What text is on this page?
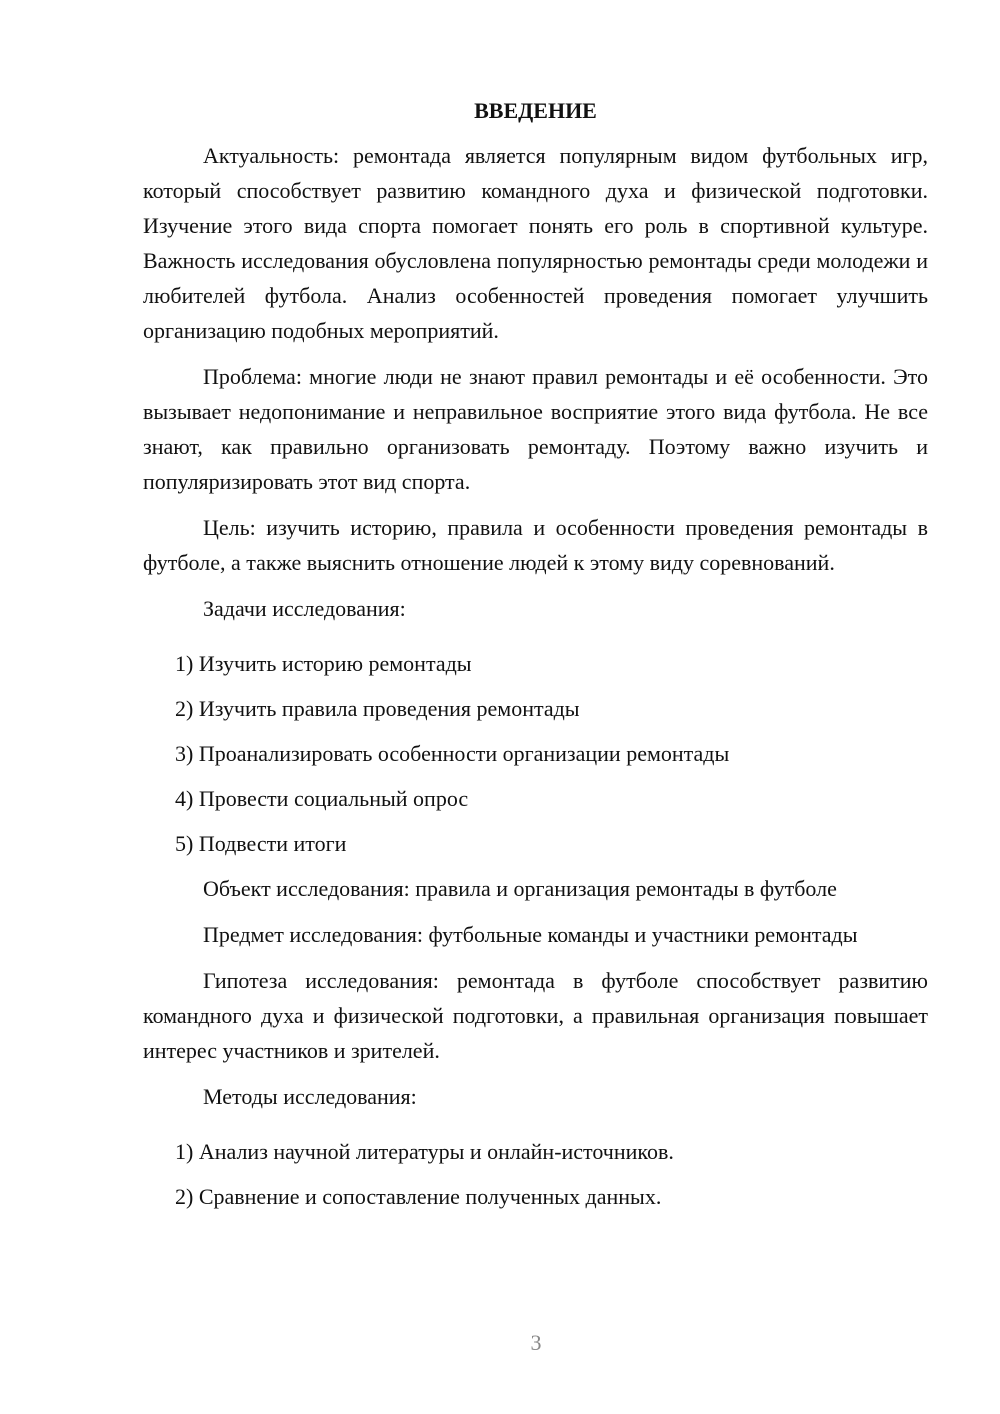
ВВЕДЕНИЕ

Актуальность: ремонтада является популярным видом футбольных игр, который способствует развитию командного духа и физической подготовки. Изучение этого вида спорта помогает понять его роль в спортивной культуре. Важность исследования обусловлена популярностью ремонтады среди молодежи и любителей футбола. Анализ особенностей проведения помогает улучшить организацию подобных мероприятий.

Проблема: многие люди не знают правил ремонтады и её особенности. Это вызывает недопонимание и неправильное восприятие этого вида футбола. Не все знают, как правильно организовать ремонтаду. Поэтому важно изучить и популяризировать этот вид спорта.

Цель: изучить историю, правила и особенности проведения ремонтады в футболе, а также выяснить отношение людей к этому виду соревнований.

Задачи исследования:

1) Изучить историю ремонтады
2) Изучить правила проведения ремонтады
3) Проанализировать особенности организации ремонтады
4) Провести социальный опрос
5) Подвести итоги

Объект исследования: правила и организация ремонтады в футболе

Предмет исследования: футбольные команды и участники ремонтады

Гипотеза исследования: ремонтада в футболе способствует развитию командного духа и физической подготовки, а правильная организация повышает интерес участников и зрителей.

Методы исследования:

1) Анализ научной литературы и онлайн-источников.
2) Сравнение и сопоставление полученных данных.
3
